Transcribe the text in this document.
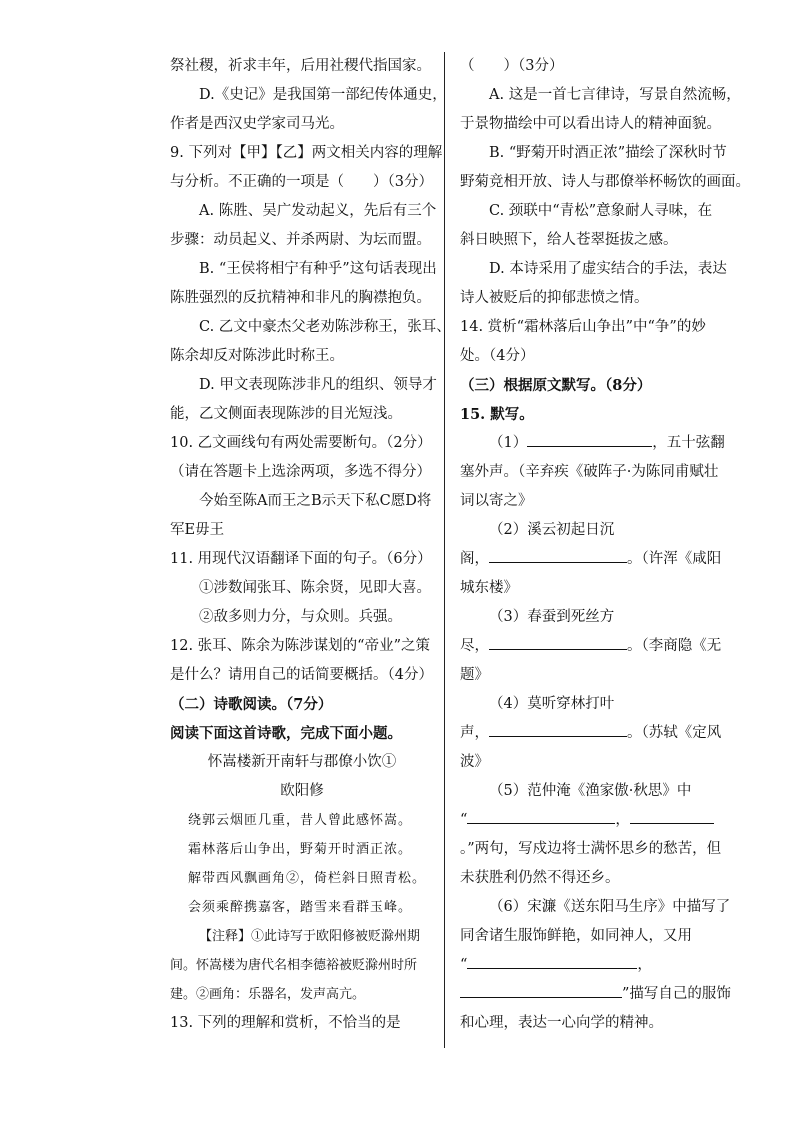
祭社稷，祈求丰年，后用社稷代指国家。

D.《史记》是我国第一部纪传体通史，

作者是西汉史学家司马光。

9. 下列对【甲】【乙】两文相关内容的理解

与分析。不正确的一项是（　　）（3分）

A. 陈胜、吴广发动起义，先后有三个

步骤：动员起义、并杀两尉、为坛而盟。

B. “王侯将相宁有种乎”这句话表现出

陈胜强烈的反抗精神和非凡的胸襟抱负。

C. 乙文中豪杰父老劝陈涉称王，张耳、

陈余却反对陈涉此时称王。

D. 甲文表现陈涉非凡的组织、领导才

能，乙文侧面表现陈涉的目光短浅。

10. 乙文画线句有两处需要断句。（2分）

（请在答题卡上选涂两项，多选不得分）

今始至陈A而王之B示天下私C愿D将

军E毋王

11. 用现代汉语翻译下面的句子。（6分）

①涉数闻张耳、陈余贤，见即大喜。

②敌多则力分，与众则。兵强。

12. 张耳、陈余为陈涉谋划的“帝业”之策

是什么？请用自己的话简要概括。（4分）

（二）诗歌阅读。（7分）

阅读下面这首诗歌，完成下面小题。

怀嵩楼新开南轩与郡僚小饮①

欧阳修

绕郭云烟匝几重，昔人曾此感怀嵩。

霜林落后山争出，野菊开时酒正浓。

解带西风飘画角②，倚栏斜日照青松。

会须乘醉携嘉客，踏雪来看群玉峰。

【注释】①此诗写于欧阳修被贬滁州期

间。怀嵩楼为唐代名相李德裕被贬滁州时所

建。②画角：乐器名，发声高亢。

13. 下列的理解和赏析，不恰当的是

（　　）（3分）

A. 这是一首七言律诗，写景自然流畅，

于景物描绘中可以看出诗人的精神面貌。

B. “野菊开时酒正浓”描绘了深秋时节

野菊竞相开放、诗人与郡僚举杯畅饮的画面。

C. 颈联中“青松”意象耐人寻味，在

斜日映照下，给人苍翠挺拔之感。

D. 本诗采用了虚实结合的手法，表达

诗人被贬后的抑郁悲愤之情。

14. 赏析“霜林落后山争出”中“争”的妙

处。（4分）

（三）根据原文默写。（8分）

15. 默写。

（1）	，五十弦翻

塞外声。（辛弃疾《破阵子·为陈同甫赋壮

词以寄之》

（2）溪云初起日沉

阁，	。（许浑《咸阳

城东楼》

（3）春蚕到死丝方

尽，	。（李商隐《无

题》

（4）莫听穿林打叶

声，	。（苏轼《定风

波》

（5）范仲淹《渔家傲·秋思》中

“	，

。”两句，写戍边将士满怀思乡的愁苦，但

未获胜利仍然不得还乡。

（6）宋濂《送东阳马生序》中描写了

同舍诸生服饰鲜艳，如同神人，又用

“	，

”描写自己的服饰

和心理，表达一心向学的精神。
